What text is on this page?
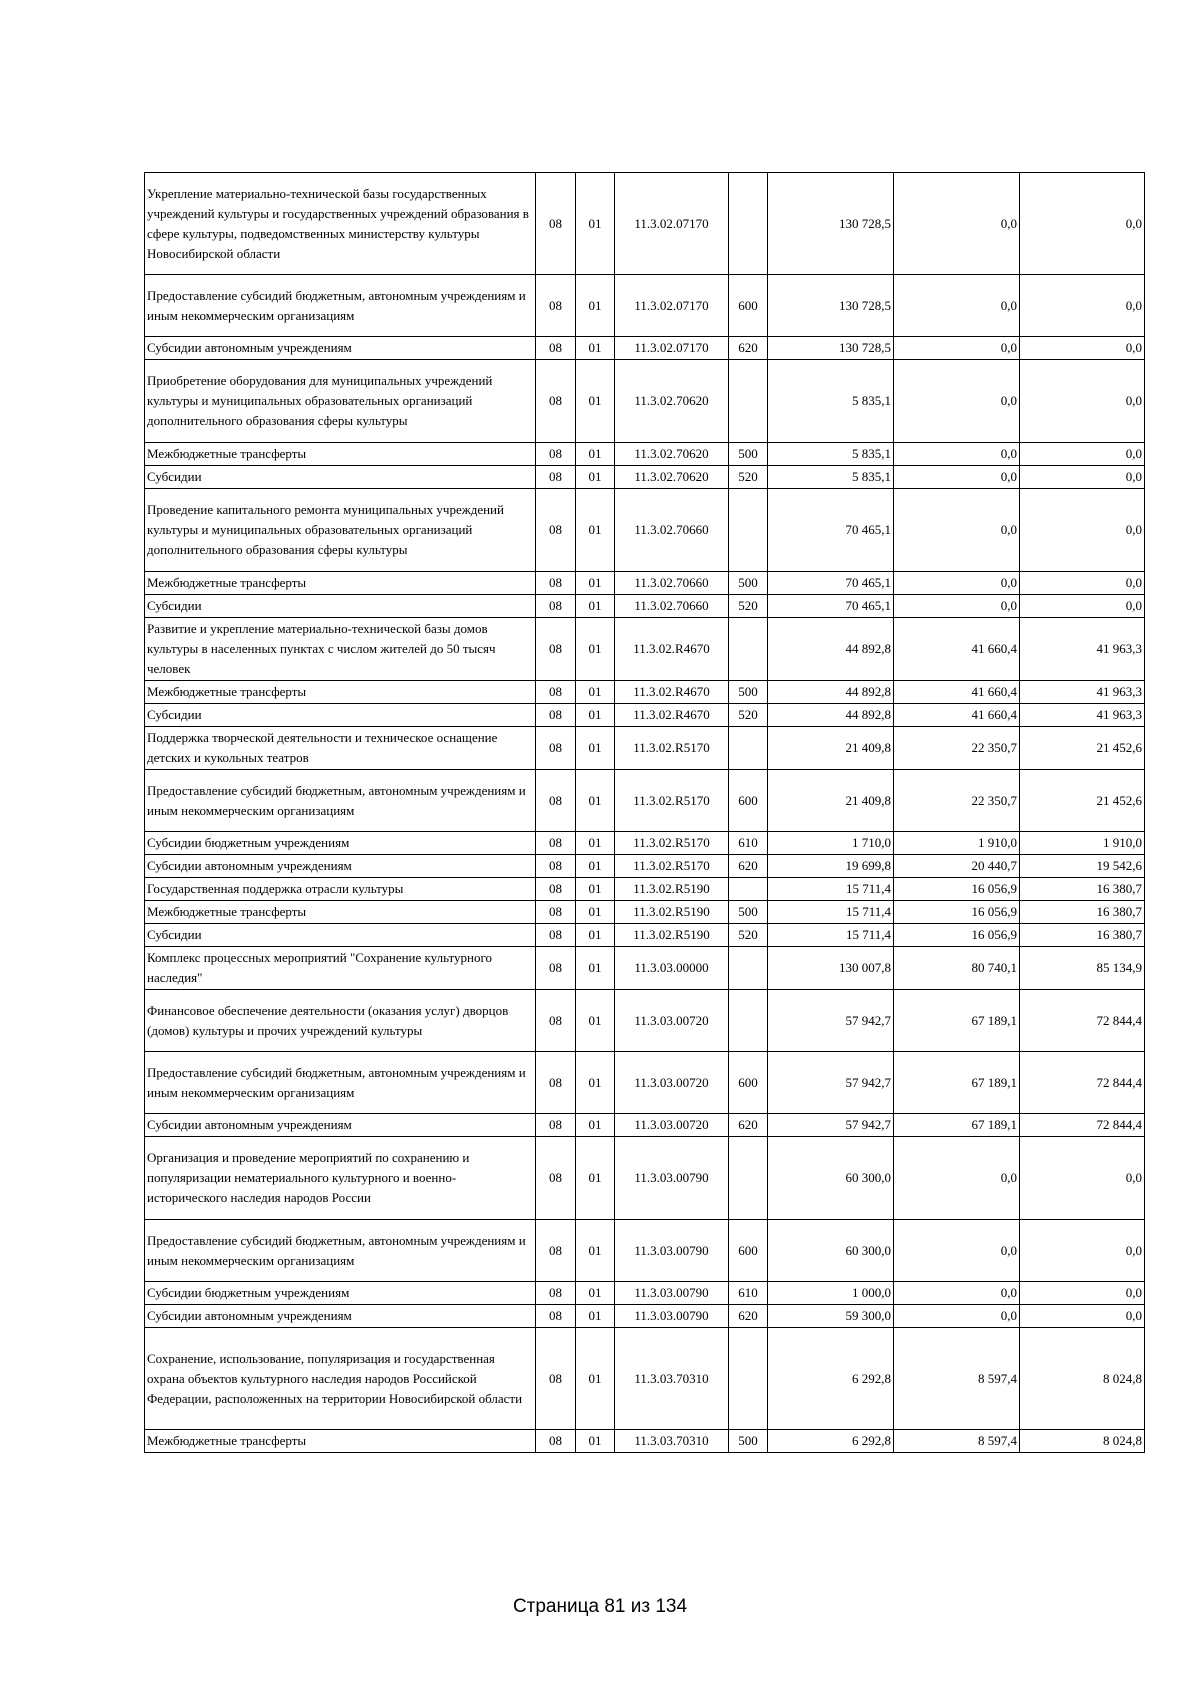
Укрепление материально-технической базы государственных учреждений культуры и государственных учреждений образования в сфере культуры, подведомственных министерству культуры Новосибирской области	08	01	11.3.02.07170		130 728,5	0,0	0,0
Предоставление субсидий бюджетным, автономным учреждениям и иным некоммерческим организациям	08	01	11.3.02.07170	600	130 728,5	0,0	0,0
Субсидии автономным учреждениям	08	01	11.3.02.07170	620	130 728,5	0,0	0,0
Приобретение оборудования для муниципальных учреждений культуры и муниципальных образовательных организаций дополнительного образования сферы культуры	08	01	11.3.02.70620		5 835,1	0,0	0,0
Межбюджетные трансферты	08	01	11.3.02.70620	500	5 835,1	0,0	0,0
Субсидии	08	01	11.3.02.70620	520	5 835,1	0,0	0,0
Проведение капитального ремонта муниципальных учреждений культуры и муниципальных образовательных организаций дополнительного образования сферы культуры	08	01	11.3.02.70660		70 465,1	0,0	0,0
Межбюджетные трансферты	08	01	11.3.02.70660	500	70 465,1	0,0	0,0
Субсидии	08	01	11.3.02.70660	520	70 465,1	0,0	0,0
Развитие и укрепление материально-технической базы домов культуры в населенных пунктах с числом жителей до 50 тысяч человек	08	01	11.3.02.R4670		44 892,8	41 660,4	41 963,3
Межбюджетные трансферты	08	01	11.3.02.R4670	500	44 892,8	41 660,4	41 963,3
Субсидии	08	01	11.3.02.R4670	520	44 892,8	41 660,4	41 963,3
Поддержка творческой деятельности и техническое оснащение детских и кукольных театров	08	01	11.3.02.R5170		21 409,8	22 350,7	21 452,6
Предоставление субсидий бюджетным, автономным учреждениям и иным некоммерческим организациям	08	01	11.3.02.R5170	600	21 409,8	22 350,7	21 452,6
Субсидии бюджетным учреждениям	08	01	11.3.02.R5170	610	1 710,0	1 910,0	1 910,0
Субсидии автономным учреждениям	08	01	11.3.02.R5170	620	19 699,8	20 440,7	19 542,6
Государственная поддержка отрасли культуры	08	01	11.3.02.R5190		15 711,4	16 056,9	16 380,7
Межбюджетные трансферты	08	01	11.3.02.R5190	500	15 711,4	16 056,9	16 380,7
Субсидии	08	01	11.3.02.R5190	520	15 711,4	16 056,9	16 380,7
Комплекс процессных мероприятий "Сохранение культурного наследия"	08	01	11.3.03.00000		130 007,8	80 740,1	85 134,9
Финансовое обеспечение деятельности (оказания услуг) дворцов (домов) культуры и прочих учреждений культуры	08	01	11.3.03.00720		57 942,7	67 189,1	72 844,4
Предоставление субсидий бюджетным, автономным учреждениям и иным некоммерческим организациям	08	01	11.3.03.00720	600	57 942,7	67 189,1	72 844,4
Субсидии автономным учреждениям	08	01	11.3.03.00720	620	57 942,7	67 189,1	72 844,4
Организация и проведение мероприятий по сохранению и популяризации нематериального культурного и военно-исторического наследия народов России	08	01	11.3.03.00790		60 300,0	0,0	0,0
Предоставление субсидий бюджетным, автономным учреждениям и иным некоммерческим организациям	08	01	11.3.03.00790	600	60 300,0	0,0	0,0
Субсидии бюджетным учреждениям	08	01	11.3.03.00790	610	1 000,0	0,0	0,0
Субсидии автономным учреждениям	08	01	11.3.03.00790	620	59 300,0	0,0	0,0
Сохранение, использование, популяризация и государственная охрана объектов культурного наследия народов Российской Федерации, расположенных на территории Новосибирской области	08	01	11.3.03.70310		6 292,8	8 597,4	8 024,8
Межбюджетные трансферты	08	01	11.3.03.70310	500	6 292,8	8 597,4	8 024,8
Страница 81 из 134
